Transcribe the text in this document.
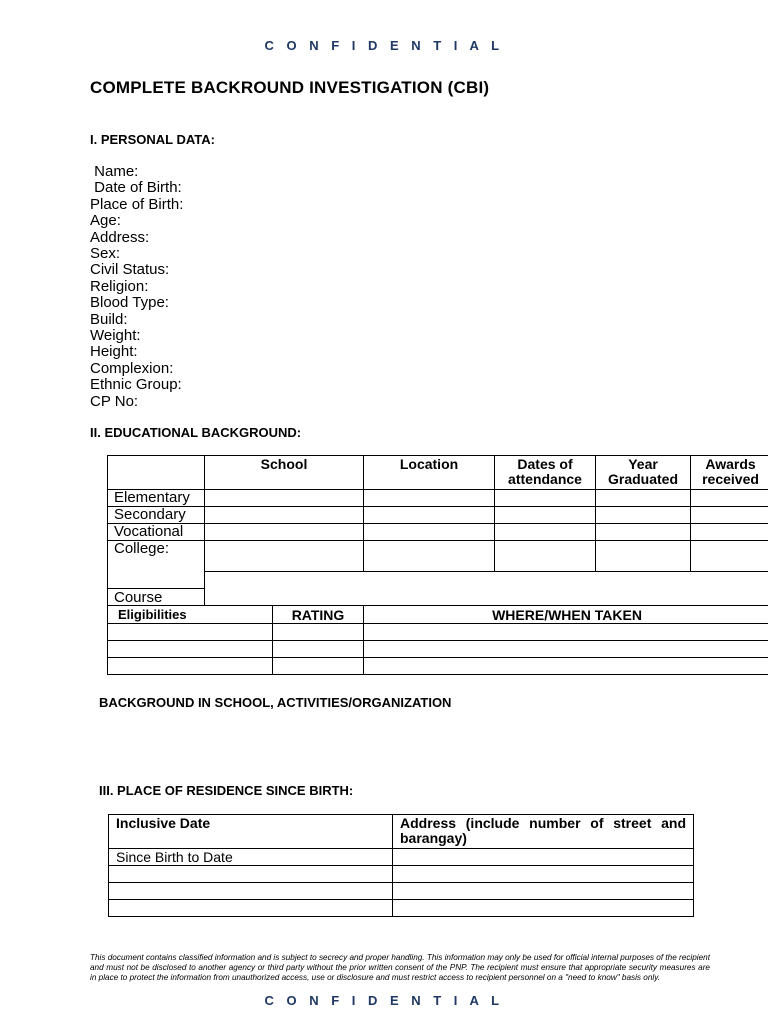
C O N F I D E N T I A L
COMPLETE BACKROUND INVESTIGATION (CBI)
I. PERSONAL DATA:
Name:
Date of Birth:
Place of Birth:
Age:
Address:
Sex:
Civil Status:
Religion:
Blood Type:
Build:
Weight:
Height:
Complexion:
Ethnic Group:
CP No:
II. EDUCATIONAL BACKGROUND:
	School		Location	Dates of attendance	Year Graduated	Awards received
Elementary						
Secondary						
Vocational						
College:						

Course						
Eligibilities		RATING	WHERE/WHEN TAKEN			

BACKGROUND IN SCHOOL, ACTIVITIES/ORGANIZATION
III. PLACE OF RESIDENCE SINCE BIRTH:
Inclusive Date	Address (include number of street and barangay)
Since Birth to Date	

This document contains classified information and is subject to secrecy and proper handling. This information may only be used for official internal purposes of the recipient and must not be disclosed to another agency or third party without the prior written consent of the PNP. The recipient must ensure that appropriate security measures are in place to protect the information from unauthorized access, use or disclosure and must restrict access to recipient personnel on a "need to know" basis only.
C O N F I D E N T I A L
